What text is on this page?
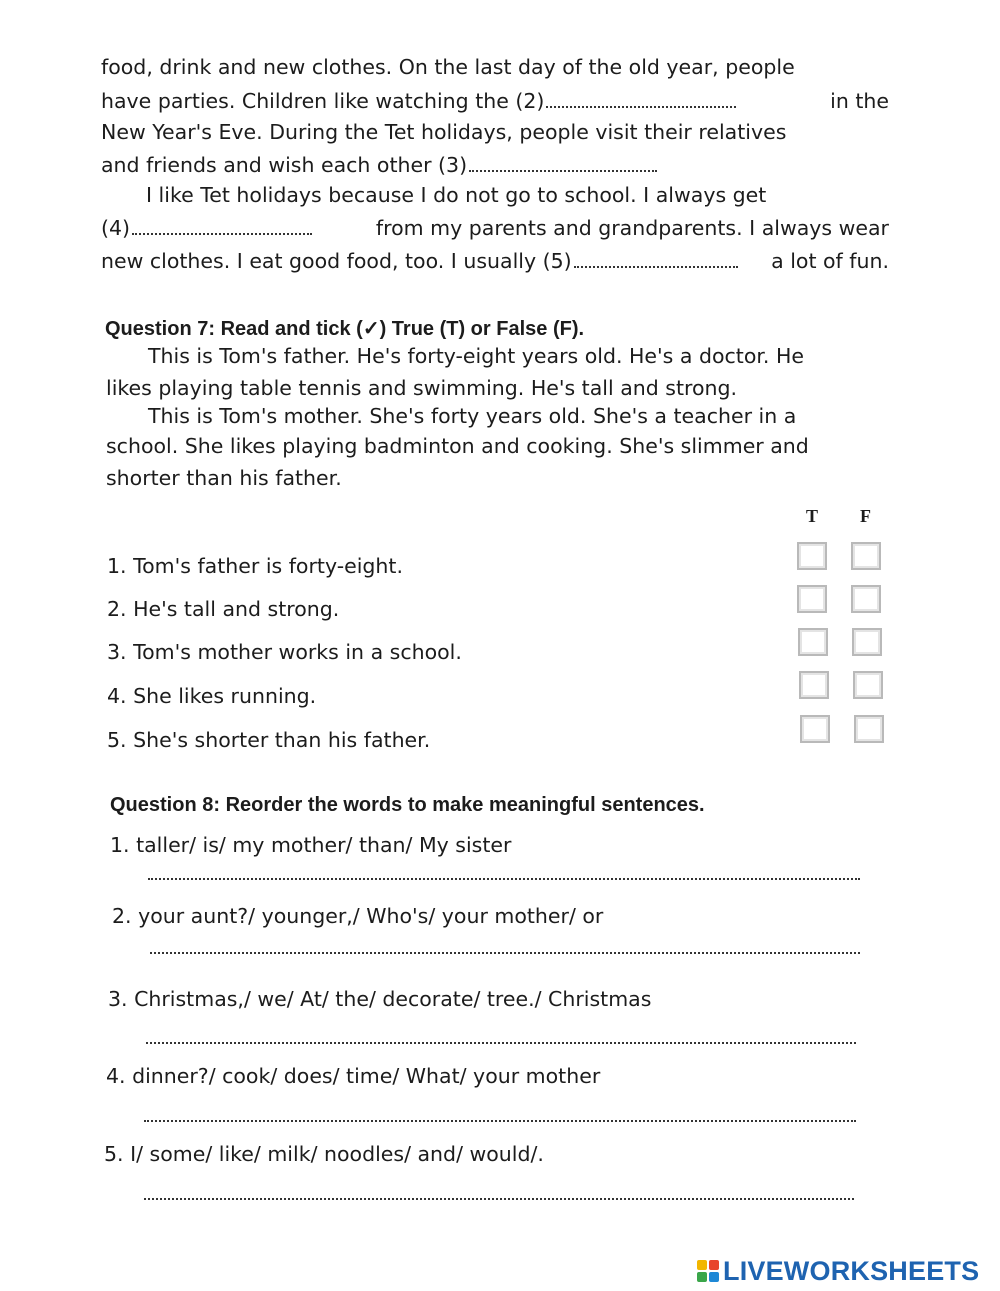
food, drink and new clothes. On the last day of the old year, people
have parties. Children like watching the (2)	in the
New Year's Eve. During the Tet holidays, people visit their relatives
and friends and wish each other (3)
I like Tet holidays because I do not go to school. I always get
(4)	from my parents and grandparents. I always wear
new clothes. I eat good food, too. I usually (5)	a lot of fun.
Question 7: Read and tick (✓) True (T) or False (F).
This is Tom's father. He's forty-eight years old. He's a doctor. He
likes playing table tennis and swimming. He's tall and strong.
This is Tom's mother. She's forty years old. She's a teacher in a
school. She likes playing badminton and cooking. She's slimmer and
shorter than his father.
T F
1. Tom's father is forty-eight.
2. He's tall and strong.
3. Tom's mother works in a school.
4. She likes running.
5. She's shorter than his father.
Question 8: Reorder the words to make meaningful sentences.
1. taller/ is/ my mother/ than/ My sister
2. your aunt?/ younger,/ Who's/ your mother/ or
3. Christmas,/ we/ At/ the/ decorate/ tree./ Christmas
4. dinner?/ cook/ does/ time/ What/ your mother
5. I/ some/ like/ milk/ noodles/ and/ would/.
LIVEWORKSHEETS
